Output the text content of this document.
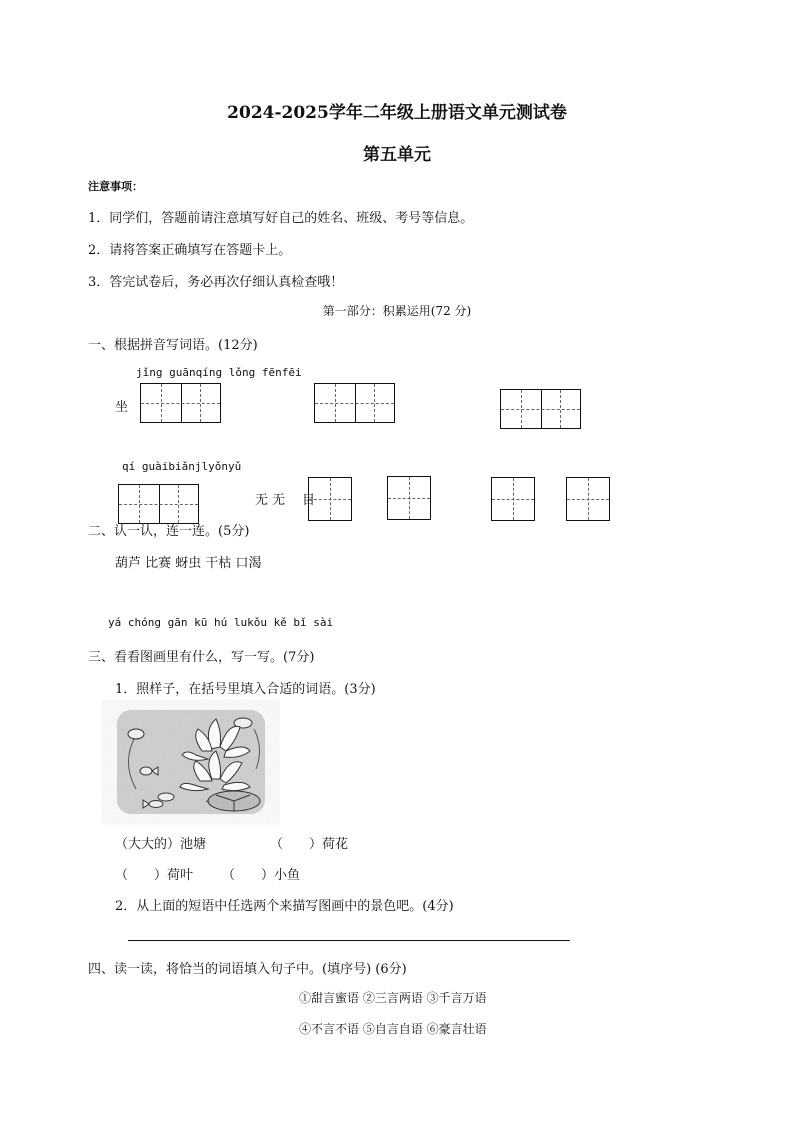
2024-2025学年二年级上册语文单元测试卷
第五单元
注意事项：
1．同学们，答题前请注意填写好自己的姓名、班级、考号等信息。
2．请将答案正确填写在答题卡上。
3．答完试卷后，务必再次仔细认真检查哦！
第一部分：积累运用(72 分)
一、根据拼音写词语。(12分)
jǐng guānqíng lǒng fēnfēi
坐
qí guàibiǎnjlyǒnyǔ
无 无 目
二、认一认，连一连。(5分)
葫芦 比赛 蚜虫 干枯 口渴
yá chóng gān kū hú lukǒu kě bǐ sài
三、看看图画里有什么，写一写。(7分)
1．照样子，在括号里填入合适的词语。(3分)
（大大的）池塘	（　　）荷花
（　　）荷叶 （　　）小鱼
2．从上面的短语中任选两个来描写图画中的景色吧。(4分)
四、读一读，将恰当的词语填入句子中。(填序号) (6分)
①甜言蜜语 ②三言两语 ③千言万语
④不言不语 ⑤自言自语 ⑥豪言壮语
